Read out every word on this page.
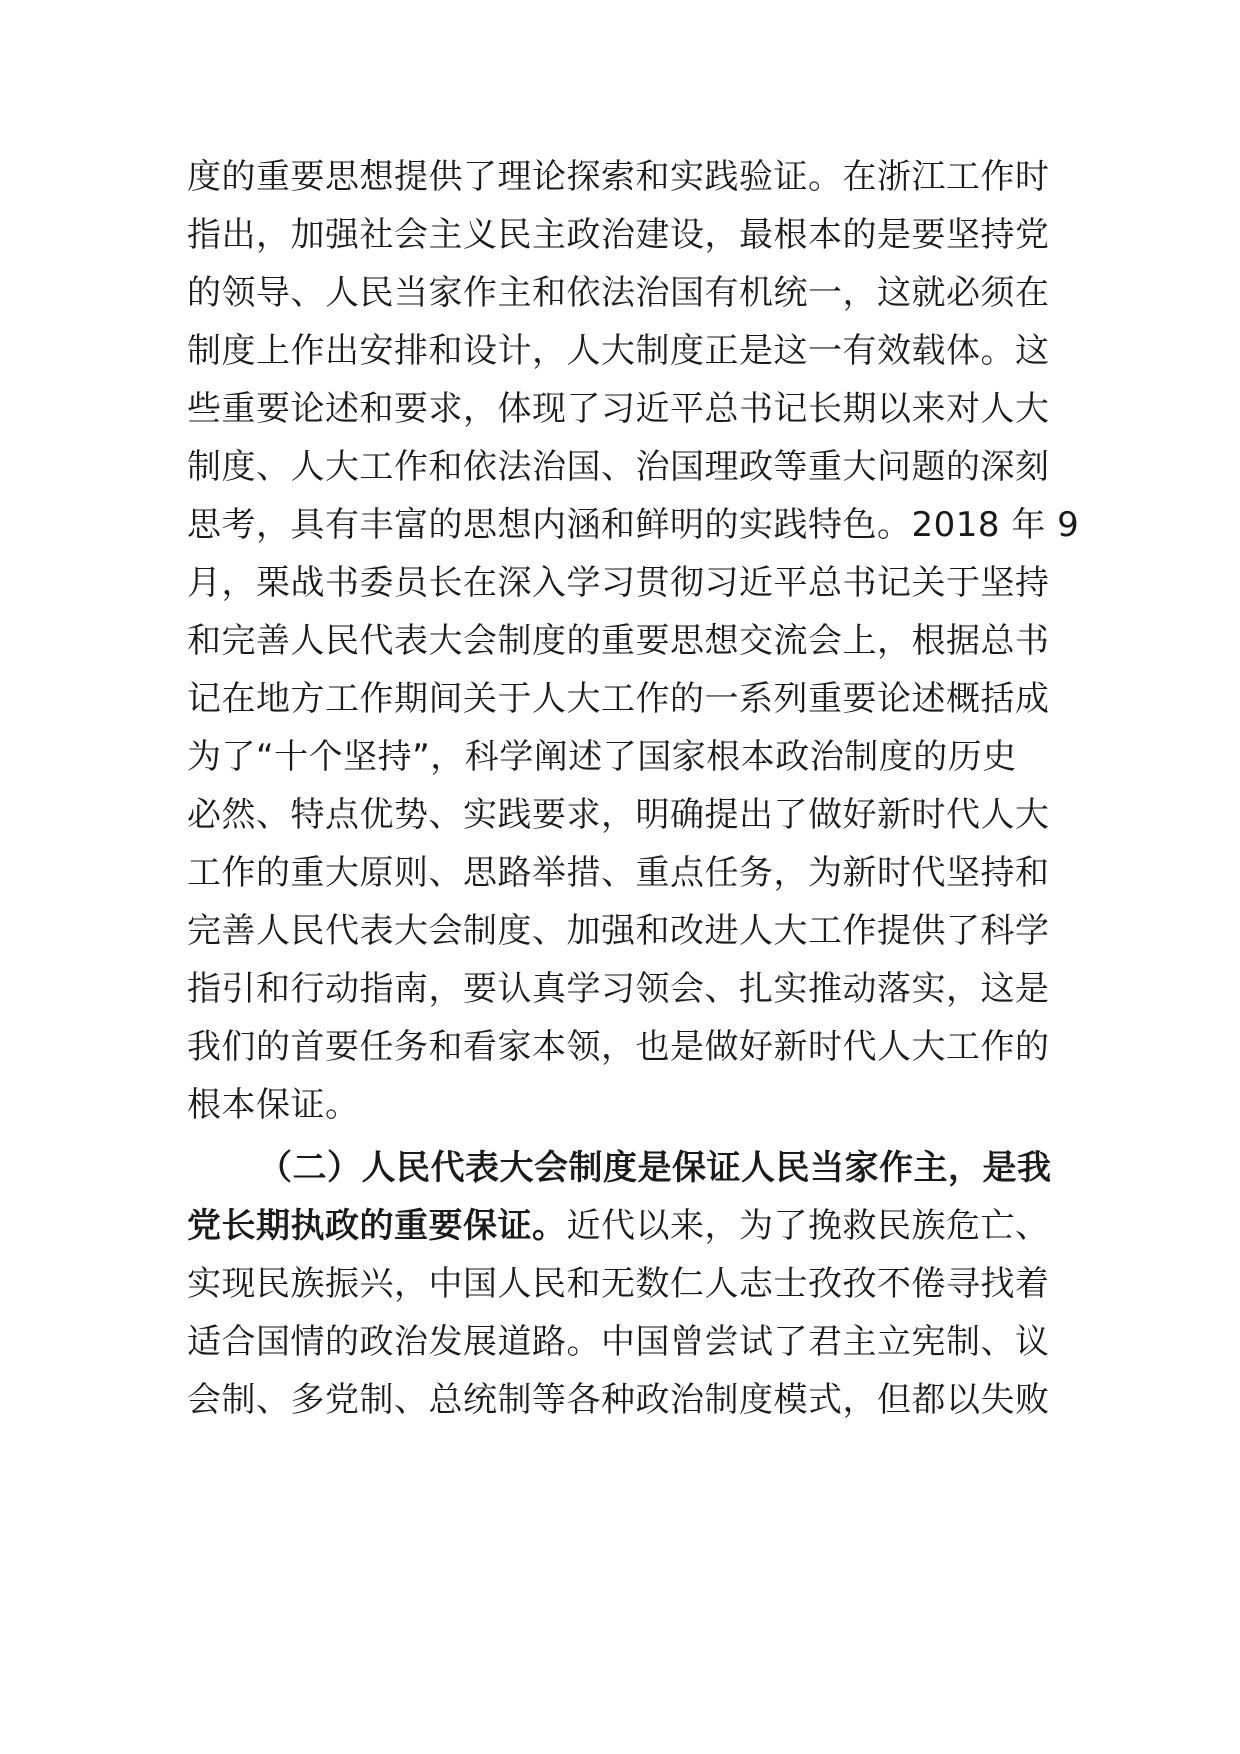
度的重要思想提供了理论探索和实践验证。在浙江工作时
指出，加强社会主义民主政治建设，最根本的是要坚持党
的领导、人民当家作主和依法治国有机统一，这就必须在
制度上作出安排和设计，人大制度正是这一有效载体。这
些重要论述和要求，体现了习近平总书记长期以来对人大
制度、人大工作和依法治国、治国理政等重大问题的深刻
思考，具有丰富的思想内涵和鲜明的实践特色。2018 年 9
月，栗战书委员长在深入学习贯彻习近平总书记关于坚持
和完善人民代表大会制度的重要思想交流会上，根据总书
记在地方工作期间关于人大工作的一系列重要论述概括成
为了“十个坚持”，科学阐述了国家根本政治制度的历史
必然、特点优势、实践要求，明确提出了做好新时代人大
工作的重大原则、思路举措、重点任务，为新时代坚持和
完善人民代表大会制度、加强和改进人大工作提供了科学
指引和行动指南，要认真学习领会、扎实推动落实，这是
我们的首要任务和看家本领，也是做好新时代人大工作的
根本保证。
（二）人民代表大会制度是保证人民当家作主，是我
党长期执政的重要保证。近代以来，为了挽救民族危亡、
实现民族振兴，中国人民和无数仁人志士孜孜不倦寻找着
适合国情的政治发展道路。中国曾尝试了君主立宪制、议
会制、多党制、总统制等各种政治制度模式，但都以失败
